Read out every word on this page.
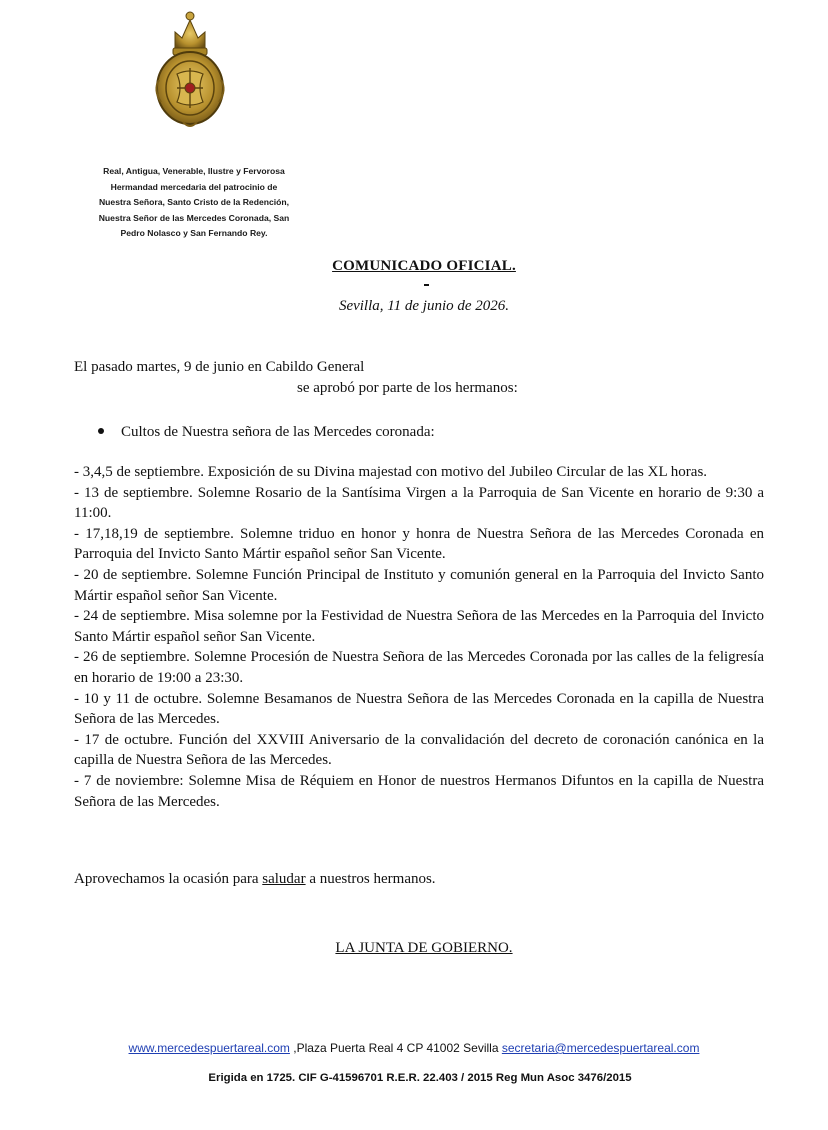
Real, Antigua, Venerable, Ilustre y Fervorosa
Hermandad mercedaria del patrocinio de
Nuestra Señora, Santo Cristo de la Redención,
Nuestra Señor de las Mercedes Coronada, San
Pedro Nolasco y San Fernando Rey.
COMUNICADO OFICIAL.
Sevilla, 11 de junio de 2026.
El pasado martes, 9 de junio en Cabildo General
se aprobó por parte de los hermanos:
Cultos de Nuestra señora de las Mercedes coronada:

- 3,4,5 de septiembre. Exposición de su Divina majestad con motivo del Jubileo Circular de las XL horas.

- 13 de septiembre. Solemne Rosario de la Santísima Virgen a la Parroquia de San Vicente en horario de 9:30 a 11:00.

- 17,18,19 de septiembre. Solemne triduo en honor y honra de Nuestra Señora de las Mercedes Coronada en Parroquia del Invicto Santo Mártir español señor San Vicente.

- 20 de septiembre. Solemne Función Principal de Instituto y comunión general en la Parroquia del Invicto Santo Mártir español señor San Vicente.

- 24 de septiembre. Misa solemne por la Festividad de Nuestra Señora de las Mercedes en la Parroquia del Invicto Santo Mártir español señor San Vicente.

- 26 de septiembre. Solemne Procesión de Nuestra Señora de las Mercedes Coronada por las calles de la feligresía en horario de 19:00 a 23:30.

- 10 y 11 de octubre. Solemne Besamanos de Nuestra Señora de las Mercedes Coronada en la capilla de Nuestra Señora de las Mercedes.

- 17 de octubre. Función del XXVIII Aniversario de la convalidación del decreto de coronación canónica en la capilla de Nuestra Señora de las Mercedes.

- 7 de noviembre: Solemne Misa de Réquiem en Honor de nuestros Hermanos Difuntos en la capilla de Nuestra Señora de las Mercedes.

Aprovechamos la ocasión para saludar a nuestros hermanos.
LA JUNTA DE GOBIERNO.
www.mercedespuertareal.com ,Plaza Puerta Real 4 CP 41002 Sevilla secretaria@mercedespuertareal.com
Erigida en 1725. CIF G-41596701 R.E.R. 22.403 / 2015 Reg Mun Asoc 3476/2015
